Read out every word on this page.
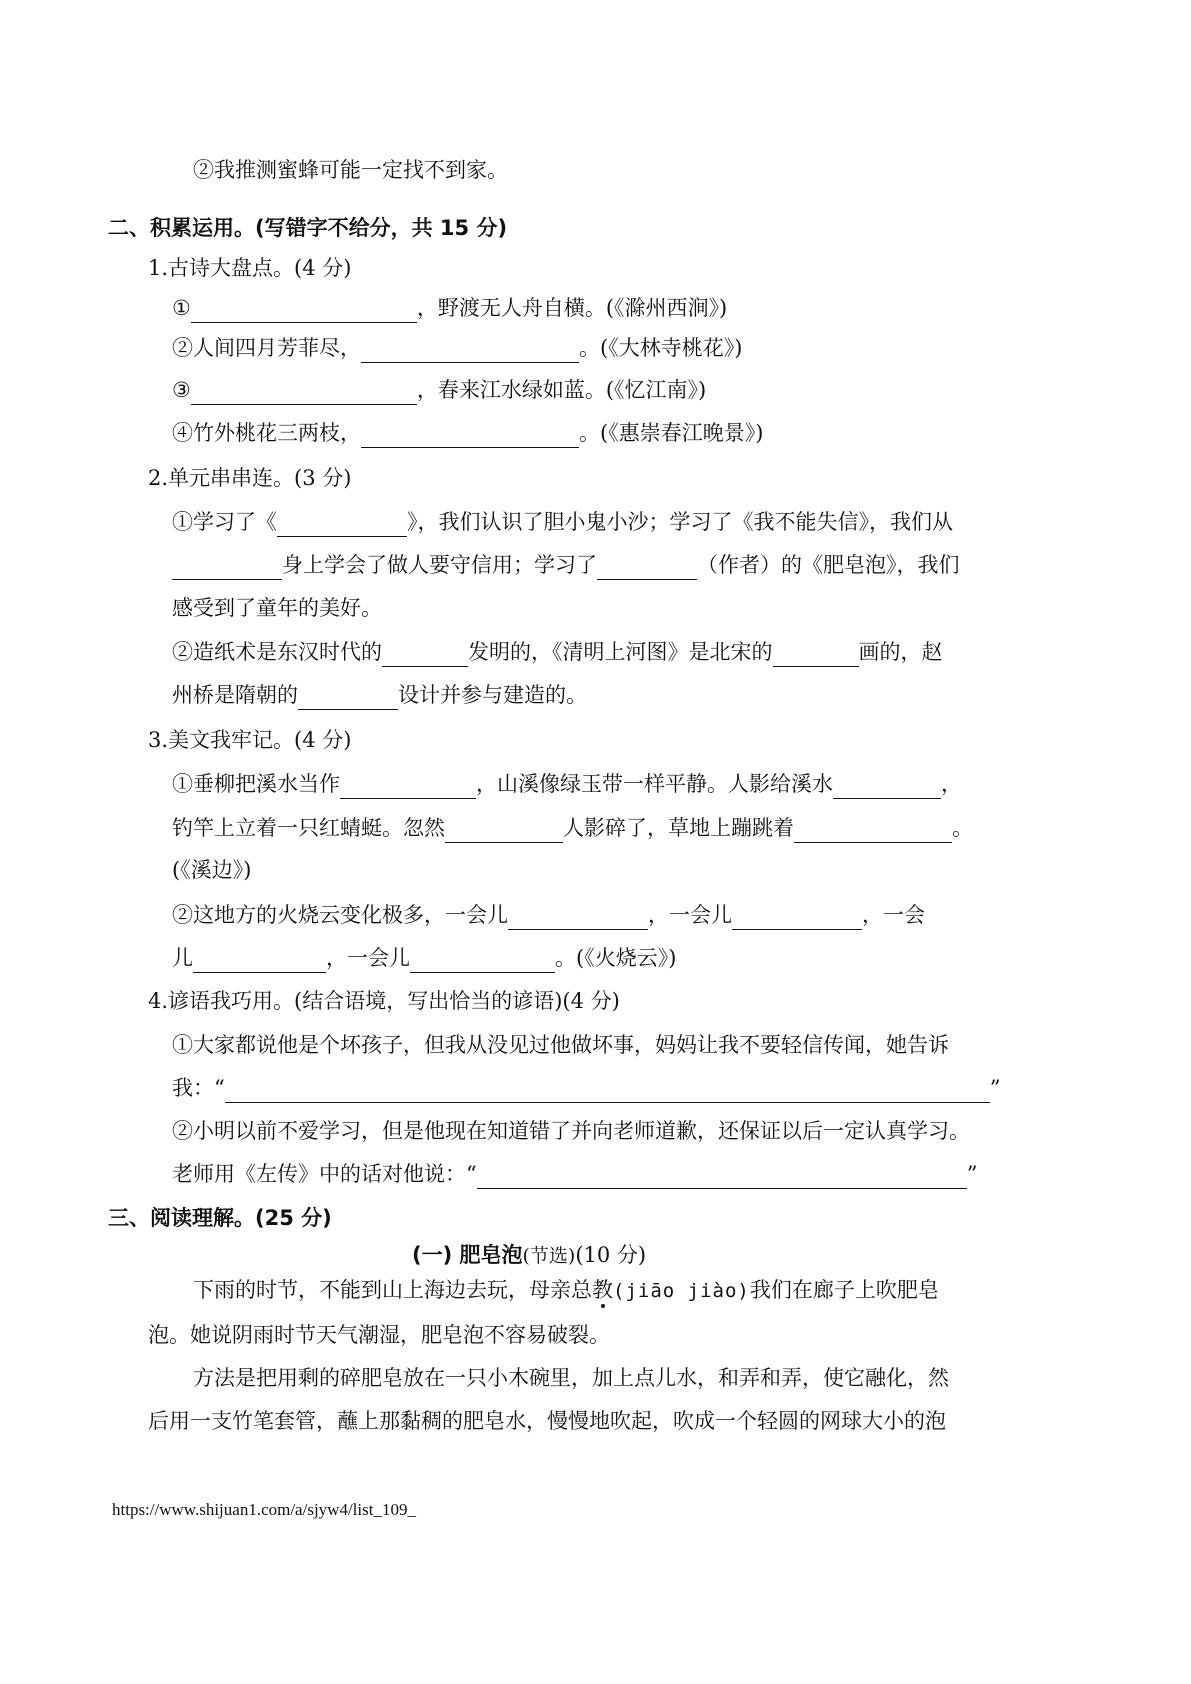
②我推测蜜蜂可能一定找不到家。
二、积累运用。(写错字不给分，共 15 分)
1.古诗大盘点。(4 分)
①	，野渡无人舟自横。(《滁州西涧》)
②人间四月芳菲尽，	。(《大林寺桃花》)
③	，春来江水绿如蓝。(《忆江南》)
④竹外桃花三两枝，	。(《惠崇春江晚景》)
2.单元串串连。(3 分)
①学习了《	》，我们认识了胆小鬼小沙；学习了《我不能失信》，我们从
身上学会了做人要守信用；学习了	（作者）的《肥皂泡》，我们
感受到了童年的美好。
②造纸术是东汉时代的	发明的，《清明上河图》是北宋的	画的，赵
州桥是隋朝的	设计并参与建造的。
3.美文我牢记。(4 分)
①垂柳把溪水当作	，山溪像绿玉带一样平静。人影给溪水	，
钓竿上立着一只红蜻蜓。忽然	人影碎了，草地上蹦跳着	。
(《溪边》)
②这地方的火烧云变化极多，一会儿	，一会儿	，一会
儿	，一会儿	。(《火烧云》)
4.谚语我巧用。(结合语境，写出恰当的谚语)(4 分)
①大家都说他是个坏孩子，但我从没见过他做坏事，妈妈让我不要轻信传闻，她告诉
我：“	”
②小明以前不爱学习，但是他现在知道错了并向老师道歉，还保证以后一定认真学习。
老师用《左传》中的话对他说：“	”
三、阅读理解。(25 分)
(一) 肥皂泡(节选)(10 分)
下雨的时节，不能到山上海边去玩，母亲总教(jiāo jiào)我们在廊子上吹肥皂
泡。她说阴雨时节天气潮湿，肥皂泡不容易破裂。
方法是把用剩的碎肥皂放在一只小木碗里，加上点儿水，和弄和弄，使它融化，然
后用一支竹笔套管，蘸上那黏稠的肥皂水，慢慢地吹起，吹成一个轻圆的网球大小的泡
https://www.shijuan1.com/a/sjyw4/list_109_
